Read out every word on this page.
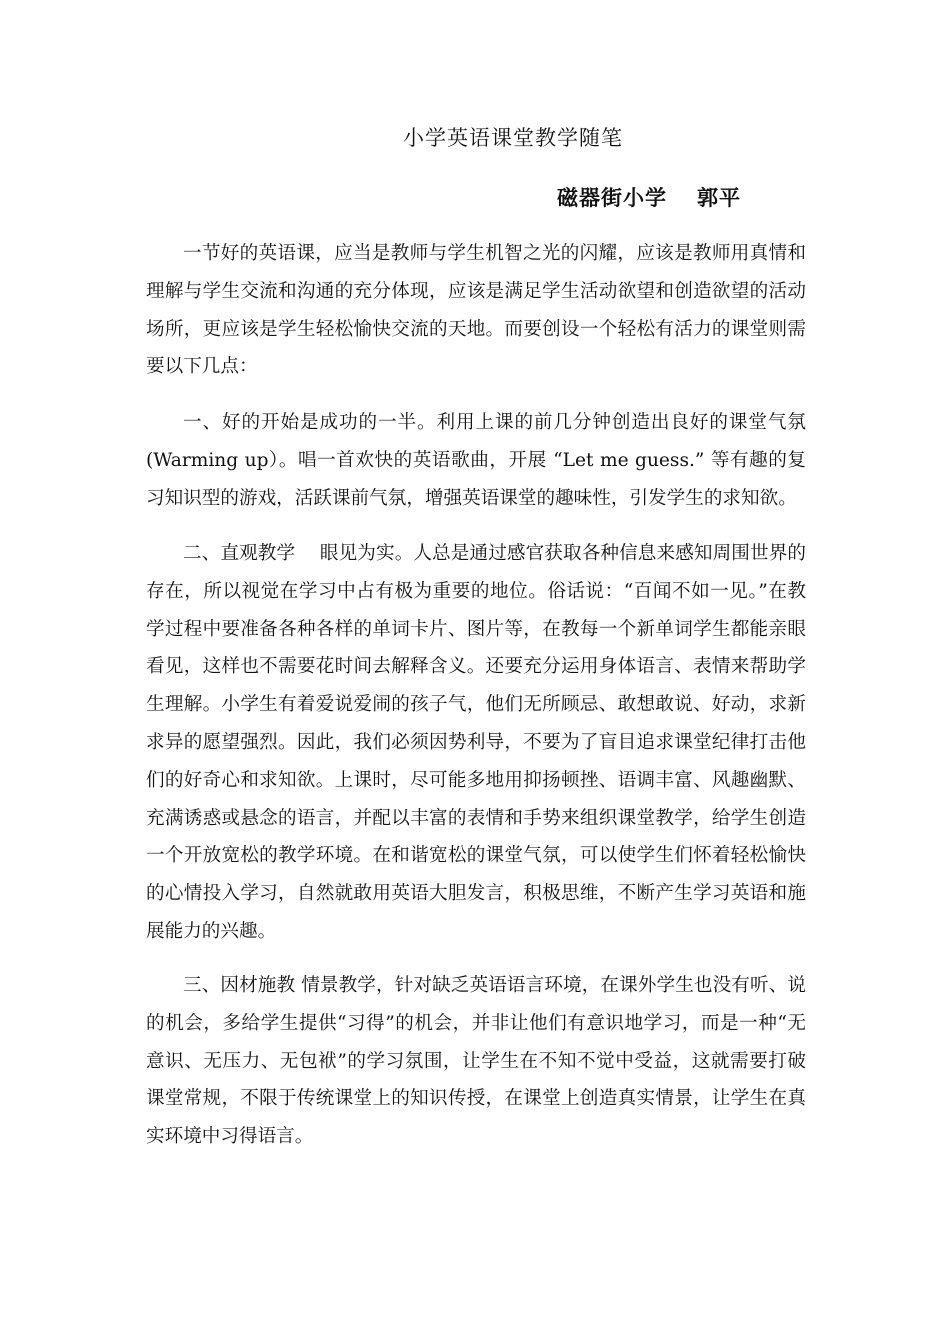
小学英语课堂教学随笔
磁器街小学 郭平

一节好的英语课，应当是教师与学生机智之光的闪耀，应该是教师用真情和理解与学生交流和沟通的充分体现，应该是满足学生活动欲望和创造欲望的活动场所，更应该是学生轻松愉快交流的天地。而要创设一个轻松有活力的课堂则需要以下几点：

一、好的开始是成功的一半。利用上课的前几分钟创造出良好的课堂气氛(Warming up）。唱一首欢快的英语歌曲，开展 “Let me guess.” 等有趣的复习知识型的游戏，活跃课前气氛，增强英语课堂的趣味性，引发学生的求知欲。

二、直观教学　 眼见为实。人总是通过感官获取各种信息来感知周围世界的存在，所以视觉在学习中占有极为重要的地位。俗话说：“百闻不如一见。”在教学过程中要准备各种各样的单词卡片、图片等，在教每一个新单词学生都能亲眼看见，这样也不需要花时间去解释含义。还要充分运用身体语言、表情来帮助学生理解。小学生有着爱说爱闹的孩子气，他们无所顾忌、敢想敢说、好动，求新求异的愿望强烈。因此，我们必须因势利导，不要为了盲目追求课堂纪律打击他们的好奇心和求知欲。上课时，尽可能多地用抑扬顿挫、语调丰富、风趣幽默、充满诱惑或悬念的语言，并配以丰富的表情和手势来组织课堂教学，给学生创造一个开放宽松的教学环境。在和谐宽松的课堂气氛，可以使学生们怀着轻松愉快的心情投入学习，自然就敢用英语大胆发言，积极思维，不断产生学习英语和施展能力的兴趣。

三、因材施教 情景教学，针对缺乏英语语言环境，在课外学生也没有听、说的机会，多给学生提供“习得”的机会，并非让他们有意识地学习，而是一种“无意识、无压力、无包袱”的学习氛围，让学生在不知不觉中受益，这就需要打破课堂常规，不限于传统课堂上的知识传授，在课堂上创造真实情景，让学生在真实环境中习得语言。
